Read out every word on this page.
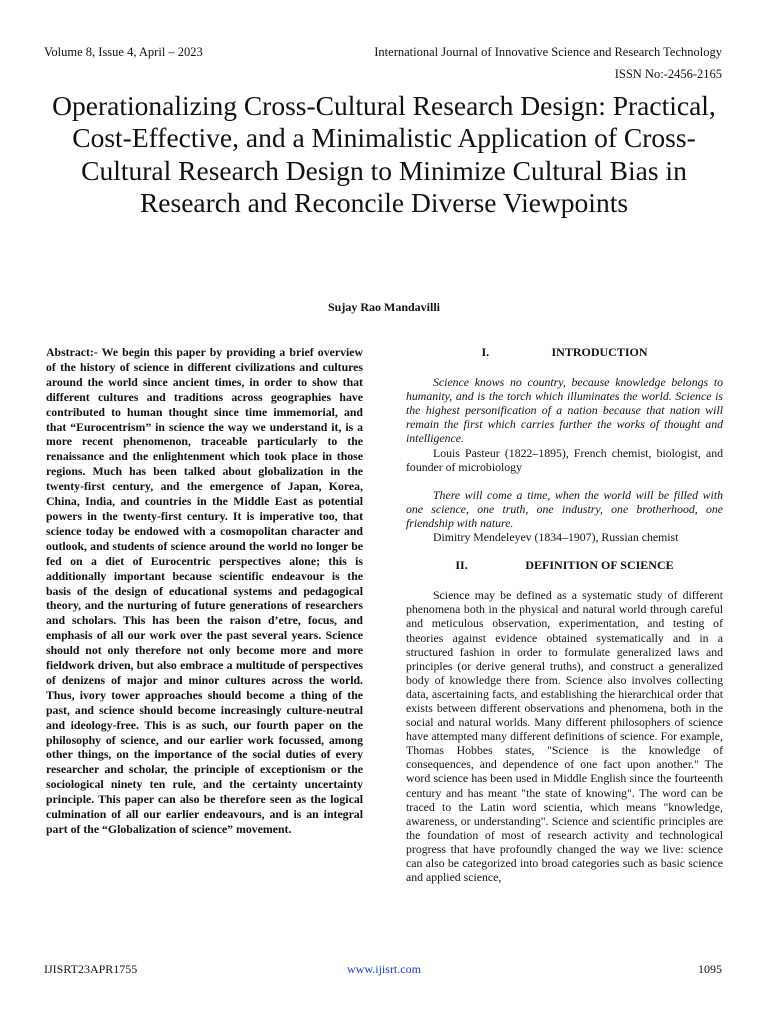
Volume 8, Issue 4, April – 2023	International Journal of Innovative Science and Research Technology
ISSN No:-2456-2165
Operationalizing Cross-Cultural Research Design: Practical, Cost-Effective, and a Minimalistic Application of Cross-Cultural Research Design to Minimize Cultural Bias in Research and Reconcile Diverse Viewpoints
Sujay Rao Mandavilli
Abstract:- We begin this paper by providing a brief overview of the history of science in different civilizations and cultures around the world since ancient times, in order to show that different cultures and traditions across geographies have contributed to human thought since time immemorial, and that “Eurocentrism” in science the way we understand it, is a more recent phenomenon, traceable particularly to the renaissance and the enlightenment which took place in those regions. Much has been talked about globalization in the twenty-first century, and the emergence of Japan, Korea, China, India, and countries in the Middle East as potential powers in the twenty-first century. It is imperative too, that science today be endowed with a cosmopolitan character and outlook, and students of science around the world no longer be fed on a diet of Eurocentric perspectives alone; this is additionally important because scientific endeavour is the basis of the design of educational systems and pedagogical theory, and the nurturing of future generations of researchers and scholars. This has been the raison d’etre, focus, and emphasis of all our work over the past several years. Science should not only therefore not only become more and more fieldwork driven, but also embrace a multitude of perspectives of denizens of major and minor cultures across the world. Thus, ivory tower approaches should become a thing of the past, and science should become increasingly culture-neutral and ideology-free. This is as such, our fourth paper on the philosophy of science, and our earlier work focussed, among other things, on the importance of the social duties of every researcher and scholar, the principle of exceptionism or the sociological ninety ten rule, and the certainty uncertainty principle. This paper can also be therefore seen as the logical culmination of all our earlier endeavours, and is an integral part of the “Globalization of science” movement.
I.	INTRODUCTION

Science knows no country, because knowledge belongs to humanity, and is the torch which illuminates the world. Science is the highest personification of a nation because that nation will remain the first which carries further the works of thought and intelligence.

Louis Pasteur (1822–1895), French chemist, biologist, and founder of microbiology

There will come a time, when the world will be filled with one science, one truth, one industry, one brotherhood, one friendship with nature.

Dimitry Mendeleyev (1834–1907), Russian chemist

II.	DEFINITION OF SCIENCE

Science may be defined as a systematic study of different phenomena both in the physical and natural world through careful and meticulous observation, experimentation, and testing of theories against evidence obtained systematically and in a structured fashion in order to formulate generalized laws and principles (or derive general truths), and construct a generalized body of knowledge there from. Science also involves collecting data, ascertaining facts, and establishing the hierarchical order that exists between different observations and phenomena, both in the social and natural worlds. Many different philosophers of science have attempted many different definitions of science. For example, Thomas Hobbes states, "Science is the knowledge of consequences, and dependence of one fact upon another." The word science has been used in Middle English since the fourteenth century and has meant "the state of knowing". The word can be traced to the Latin word scientia, which means "knowledge, awareness, or understanding". Science and scientific principles are the foundation of most of research activity and technological progress that have profoundly changed the way we live: science can also be categorized into broad categories such as basic science and applied science,

IJISRT23APR1755	www.ijisrt.com	1095
